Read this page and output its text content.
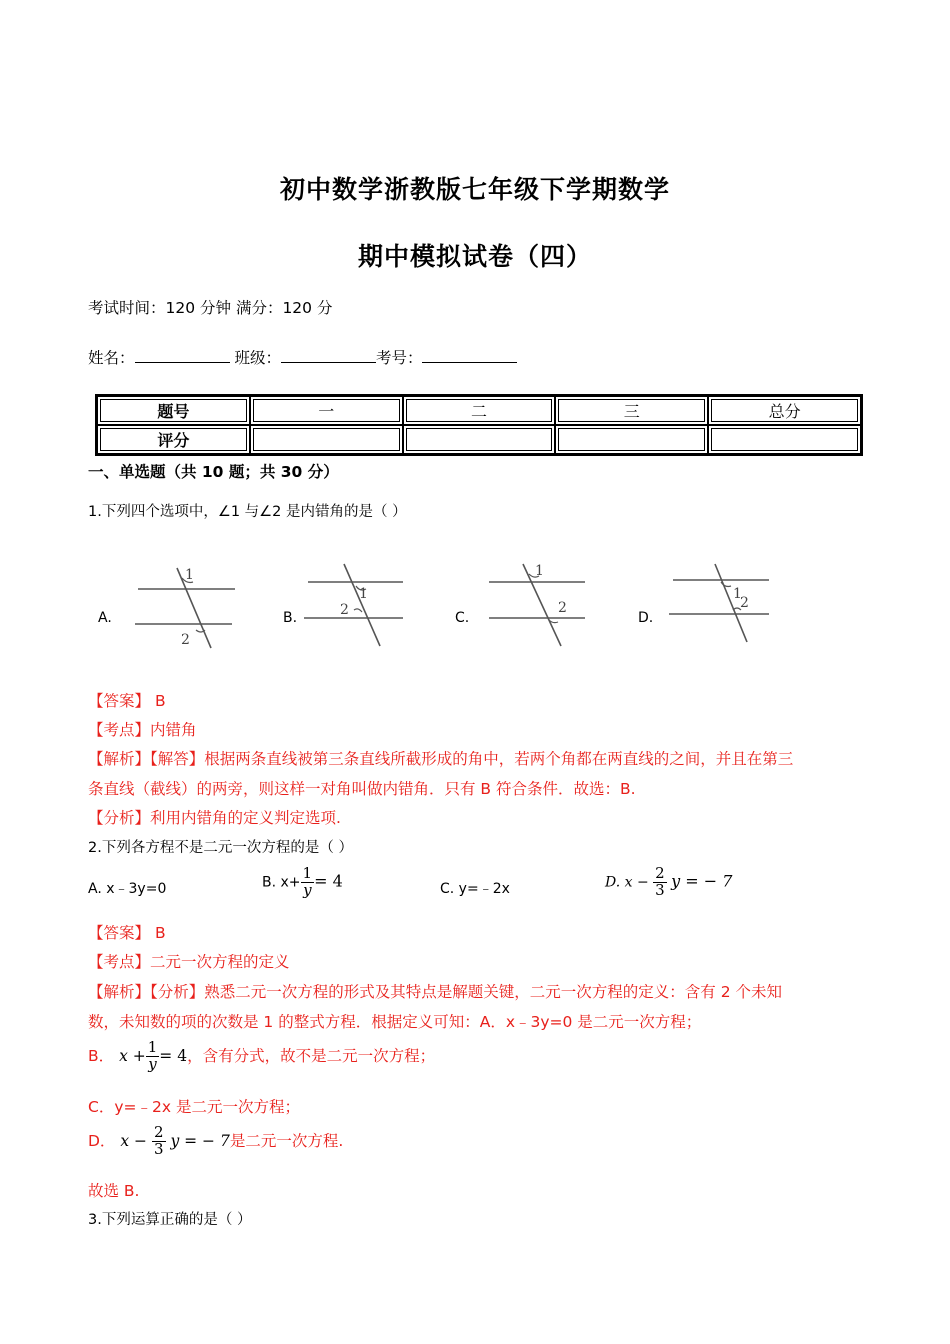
初中数学浙教版七年级下学期数学
期中模拟试卷（四）
考试时间：120 分钟 满分：120 分
姓名：	班级：	考号：
题号	一	二	三	总分
评分				
一、单选题（共 10 题；共 30 分）
1.下列四个选项中，∠1 与∠2 是内错角的是（ ）
A.
1
2
B.
1
2	C.
1
2
D.
1
2
【答案】 B
【考点】内错角
【解析】【解答】根据两条直线被第三条直线所截形成的角中，若两个角都在两直线的之间，并且在第三
条直线（截线）的两旁，则这样一对角叫做内错角．只有 B 符合条件．故选：B.
【分析】利用内错角的定义判定选项.
2.下列各方程不是二元一次方程的是（ ）
A. x﹣3y=0	B. $x+ \frac{1}{y} = 4$	C. y=﹣2x	D. $x - \frac{2}{3}$ y = − 7
【答案】 B
【考点】二元一次方程的定义
【解析】【分析】熟悉二元一次方程的形式及其特点是解题关键，二元一次方程的定义：含有 2 个未知
数，未知数的项的次数是 1 的整式方程．根据定义可知：A．x﹣3y=0 是二元一次方程；
B． $x + \frac{1}{y} = 4$，含有分式，故不是二元一次方程；
C．y=﹣2x 是二元一次方程；
D． $x - \frac{2}{3}$ y = − 7是二元一次方程.
故选 B.
3.下列运算正确的是（ ）
